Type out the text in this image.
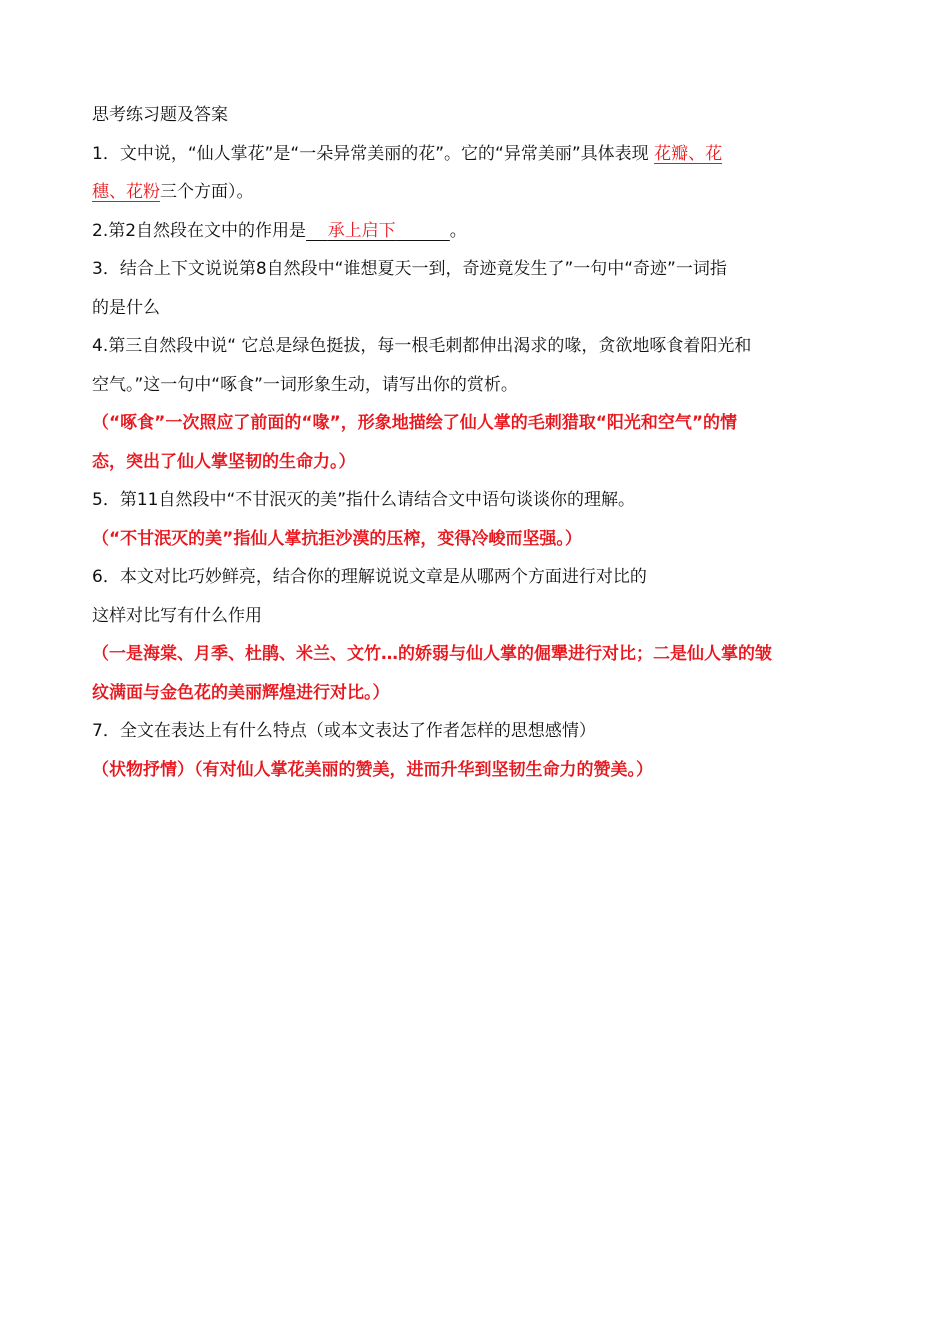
思考练习题及答案
1．文中说，“仙人掌花”是“一朵异常美丽的花”。它的“异常美丽”具体表现 花瓣、花
穗、花粉三个方面）。
2.第2自然段在文中的作用是   承上启下     	。
3．结合上下文说说第8自然段中“谁想夏天一到，奇迹竟发生了”一句中“奇迹”一词指
的是什么
4.第三自然段中说“ 它总是绿色挺拔，每一根毛刺都伸出渴求的喙，贪欲地啄食着阳光和
空气。”这一句中“啄食”一词形象生动，请写出你的赏析。
（“啄食”一次照应了前面的“喙”，形象地描绘了仙人掌的毛刺猎取“阳光和空气”的情
态，突出了仙人掌坚韧的生命力。）
5．第11自然段中“不甘泯灭的美”指什么请结合文中语句谈谈你的理解。
（“不甘泯灭的美”指仙人掌抗拒沙漠的压榨，变得冷峻而坚强。）
6．本文对比巧妙鲜亮，结合你的理解说说文章是从哪两个方面进行对比的
这样对比写有什么作用
（一是海棠、月季、杜鹃、米兰、文竹…的娇弱与仙人掌的倔犟进行对比；二是仙人掌的皱
纹满面与金色花的美丽辉煌进行对比。）
7．全文在表达上有什么特点（或本文表达了作者怎样的思想感情）
（状物抒情）（有对仙人掌花美丽的赞美，进而升华到坚韧生命力的赞美。）
